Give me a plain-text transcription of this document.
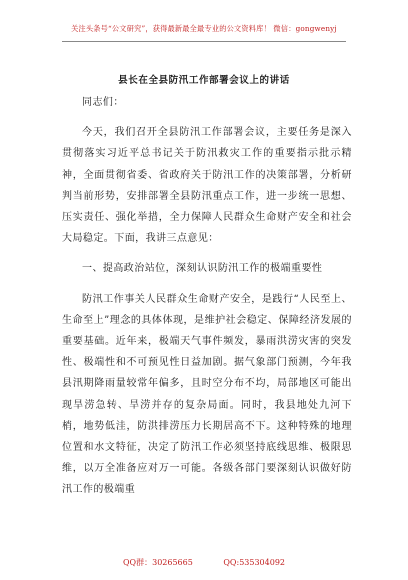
关注头条号“公文研究”，获得最新最全最专业的公文资料库！ 微信：gongwenyj
县长在全县防汛工作部署会议上的讲话

同志们：

今天，我们召开全县防汛工作部署会议，主要任务是深入贯彻落实习近平总书记关于防汛救灾工作的重要指示批示精神，全面贯彻省委、省政府关于防汛工作的决策部署，分析研判当前形势，安排部署全县防汛重点工作，进一步统一思想、压实责任、强化举措，全力保障人民群众生命财产安全和社会大局稳定。下面，我讲三点意见：

一、提高政治站位，深刻认识防汛工作的极端重要性

防汛工作事关人民群众生命财产安全，是践行“人民至上、生命至上”理念的具体体现，是维护社会稳定、保障经济发展的重要基础。近年来，极端天气事件频发，暴雨洪涝灾害的突发性、极端性和不可预见性日益加剧。据气象部门预测，今年我县汛期降雨量较常年偏多，且时空分布不均，局部地区可能出现旱涝急转、旱涝并存的复杂局面。同时，我县地处九河下梢，地势低洼，防洪排涝压力长期居高不下。这种特殊的地理位置和水文特征，决定了防汛工作必须坚持底线思维、极限思维，以万全准备应对万一可能。各级各部门要深刻认识做好防汛工作的极端重

QQ群：30265665	QQ:535304092
